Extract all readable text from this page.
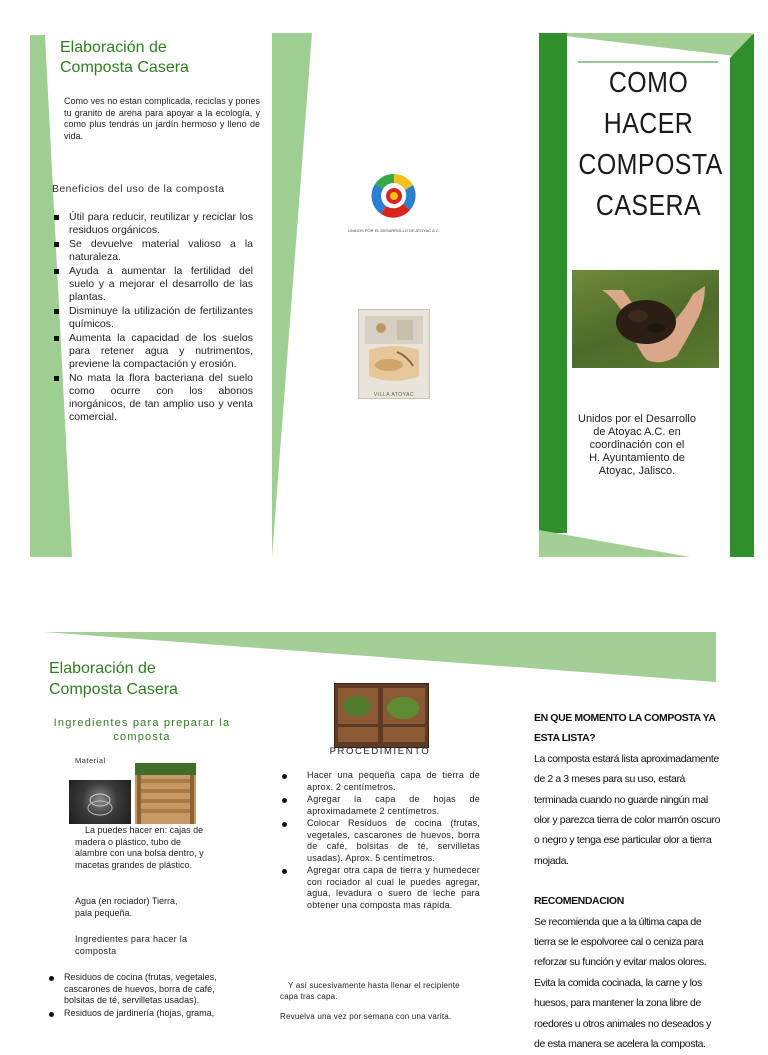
Elaboración de
Composta Casera
Como ves no estan complicada, reciclas y pones tu granito de arena para apoyar a la ecología, y como plus tendrás un jardín hermoso y lleno de vida.
Beneficios del uso de la composta
Útil para reducir, reutilizar y reciclar los residuos orgánicos.
Se devuelve material valioso a la naturaleza.
Ayuda a aumentar la fertilidad del suelo y a mejorar el desarrollo de las plantas.
Disminuye la utilización de fertilizantes químicos.
Aumenta la capacidad de los suelos para retener agua y nutrimentos, previene la compactación y erosión.
No mata la flora bacteriana del suelo como ocurre con los abonos inorgánicos, de tan amplio uso y venta comercial.
UNIDOS POR EL DESARROLLO DE ATOYAC A.C.
VILLA ATOYAC
COMO
HACER
COMPOSTA
CASERA
Unidos por el Desarrollo
de Atoyac A.C. en
coordinación con el
H. Ayuntamiento de
Atoyac, Jalisco.
Elaboración de
Composta Casera
Ingredientes para preparar la composta
Material
La puedes hacer en: cajas de madera o plástico, tubo de alambre con una bolsa dentro, y macetas grandes de plástico.
Agua (en rociador) Tierra, pala pequeña.
Ingredientes para hacer la composta
Residuos de cocina (frutas, vegetales, cascarones de huevos, borra de café, bolsitas de té, servilletas usadas).
Residuos de jardinería (hojas, grama,
PROCEDIMIENTO
Hacer una pequeña capa de tierra de aprox. 2 centímetros.
Agregar la capa de hojas de aproximadamete 2 centímetros.
Colocar Residuos de cocina (frutas, vegetales, cascarones de huevos, borra de café, bolsitas de té, servilletas usadas). Aprox. 5 centímetros.
Agregar otra capa de tierra y humedecer con rociador al cual le puedes agregar, agua, levadura o suero de leche para obtener una composta mas rápida.
Y así sucesivamente hasta llenar el recipiente capa tras capa.
Revuelva una vez por semana con una varita.
EN QUE MOMENTO LA COMPOSTA YA ESTA LISTA?
La composta estará lista aproximadamente de 2 a 3 meses para su uso, estará terminada cuando no guarde ningún mal olor y parezca tierra de color marrón oscuro o negro y tenga ese particular olor a tierra mojada.
RECOMENDACION
Se recomienda que a la última capa de tierra se le espolvoree cal o ceniza para reforzar su función y evitar malos olores. Evita la comida cocinada, la carne y los huesos, para mantener la zona libre de roedores u otros animales no deseados y de esta manera se acelera la composta.
